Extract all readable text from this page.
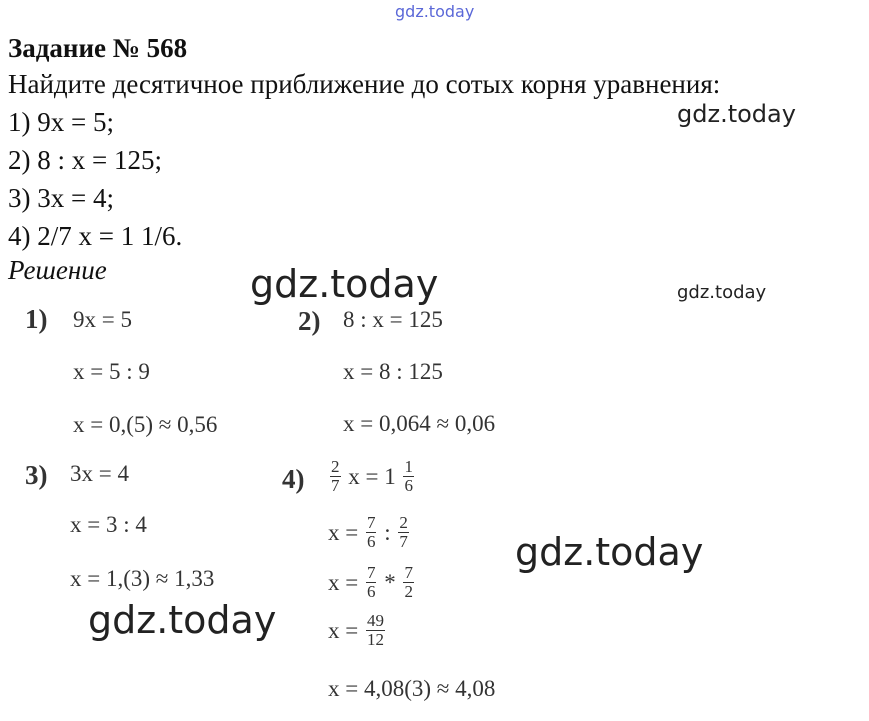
gdz.today
gdz.today
gdz.today	gdz.today
gdz.today
gdz.today
Задание № 568
Найдите десятичное приближение до сотых корня уравнения:
1) 9x = 5;
2) 8 : x = 125;
3) 3x = 4;
4) 2/7 x = 1 1/6.
Решение
1) 9x = 5
x = 5 : 9
x = 0,(5) ≈ 0,56
2) 8 : x = 125
x = 8 : 125
x = 0,064 ≈ 0,06
3) 3x = 4
x = 3 : 4
x = 1,(3) ≈ 1,33
$4) \frac{2}{7}$ $x = 1 \frac{1}{6}$
$x = \frac{7}{6}$ : $\frac{2}{7}$
$x = \frac{7}{6} * \frac{7}{2}$
$x = \frac{49}{12}$
x = 4,08(3) ≈ 4,08
